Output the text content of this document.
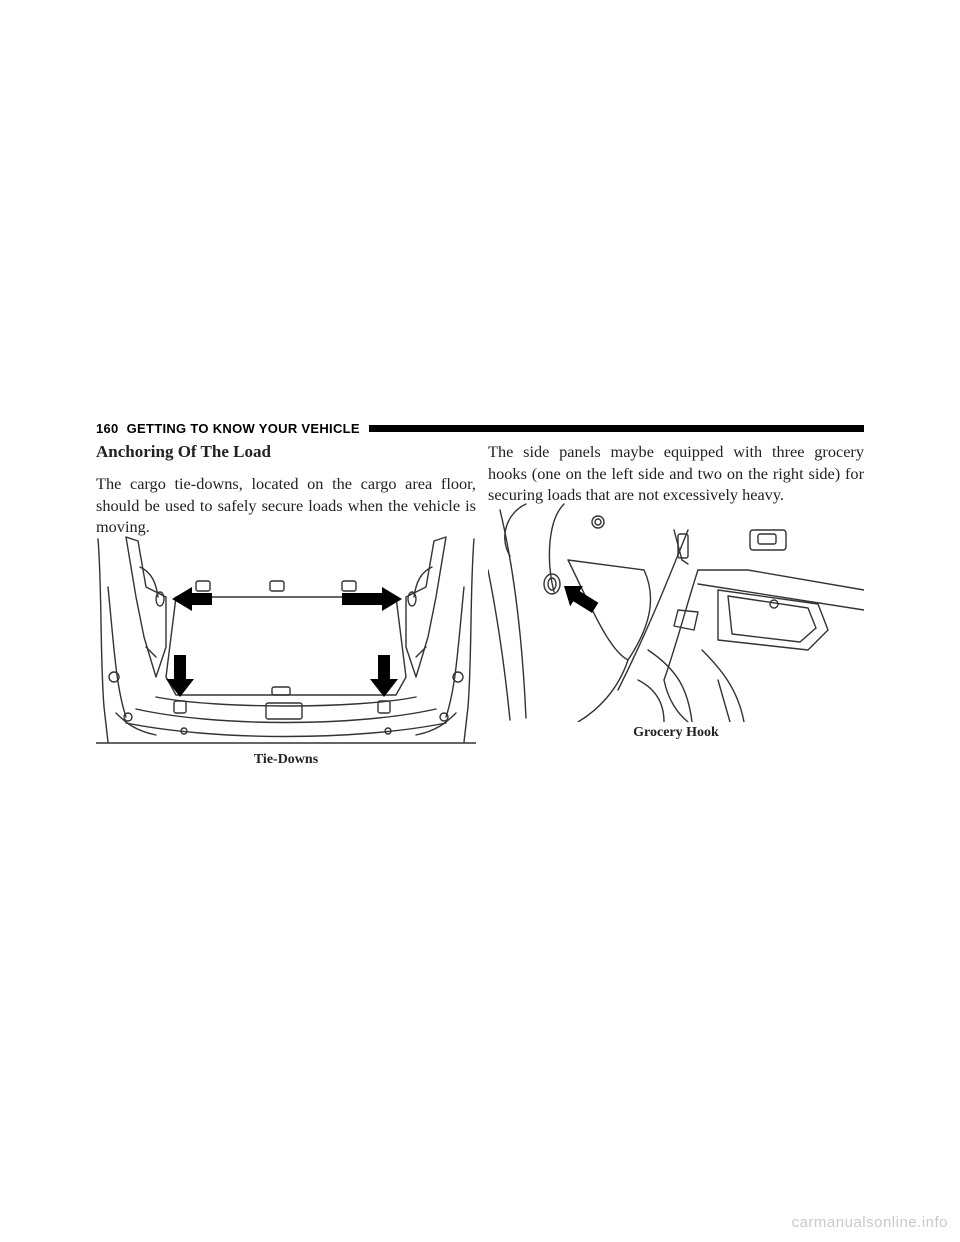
160 GETTING TO KNOW YOUR VEHICLE
Anchoring Of The Load

The cargo tie-downs, located on the cargo area floor, should be used to safely secure loads when the vehicle is moving.

The side panels maybe equipped with three grocery hooks (one on the left side and two on the right side) for securing loads that are not excessively heavy.

Tie-Downs
Grocery Hook
carmanualsonline.info
